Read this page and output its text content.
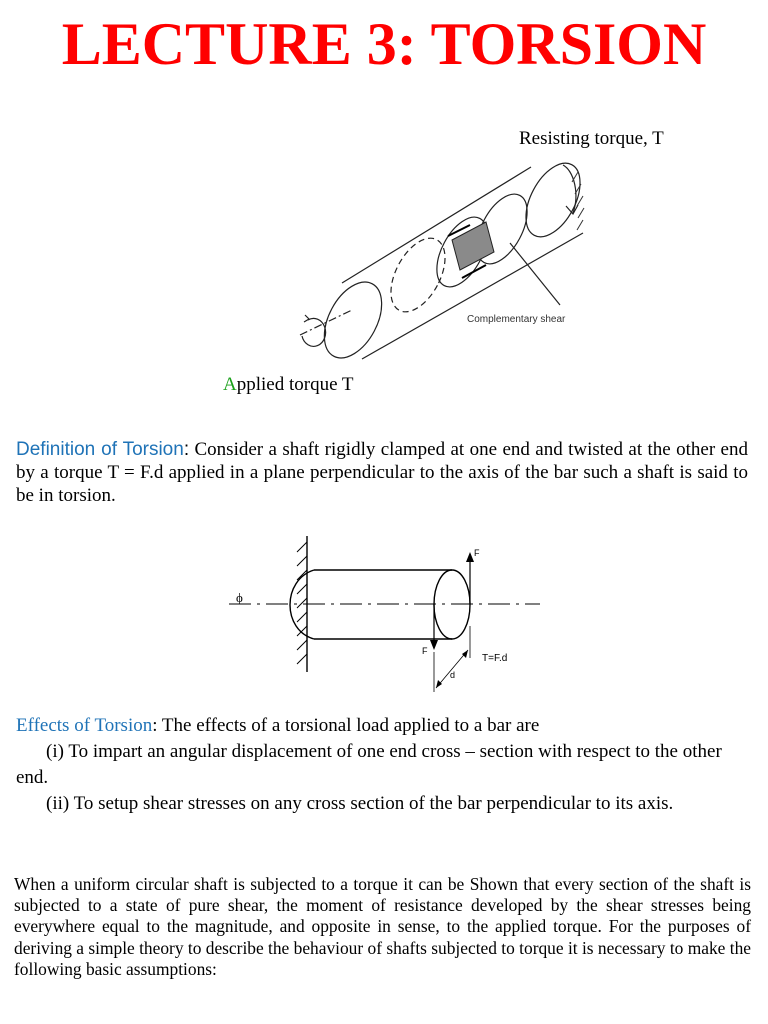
LECTURE 3: TORSION
Resisting torque, T
Complementary shear
Applied torque T
Definition of Torsion: Consider a shaft rigidly clamped at one end and twisted at the other end by a torque T = F.d applied in a plane perpendicular to the axis of the bar such a shaft is said to be in torsion.
ϕ
F
F
d
T=F.d
Effects of Torsion: The effects of a torsional load applied to a bar are
(i) To impart an angular displacement of one end cross – section with respect to the other end.
(ii) To setup shear stresses on any cross section of the bar perpendicular to its axis.
When a uniform circular shaft is subjected to a torque it can be Shown that every section of the shaft is subjected to a state of pure shear, the moment of resistance developed by the shear stresses being everywhere equal to the magnitude, and opposite in sense, to the applied torque. For the purposes of deriving a simple theory to describe the behaviour of shafts subjected to torque it is necessary to make the following basic assumptions:
